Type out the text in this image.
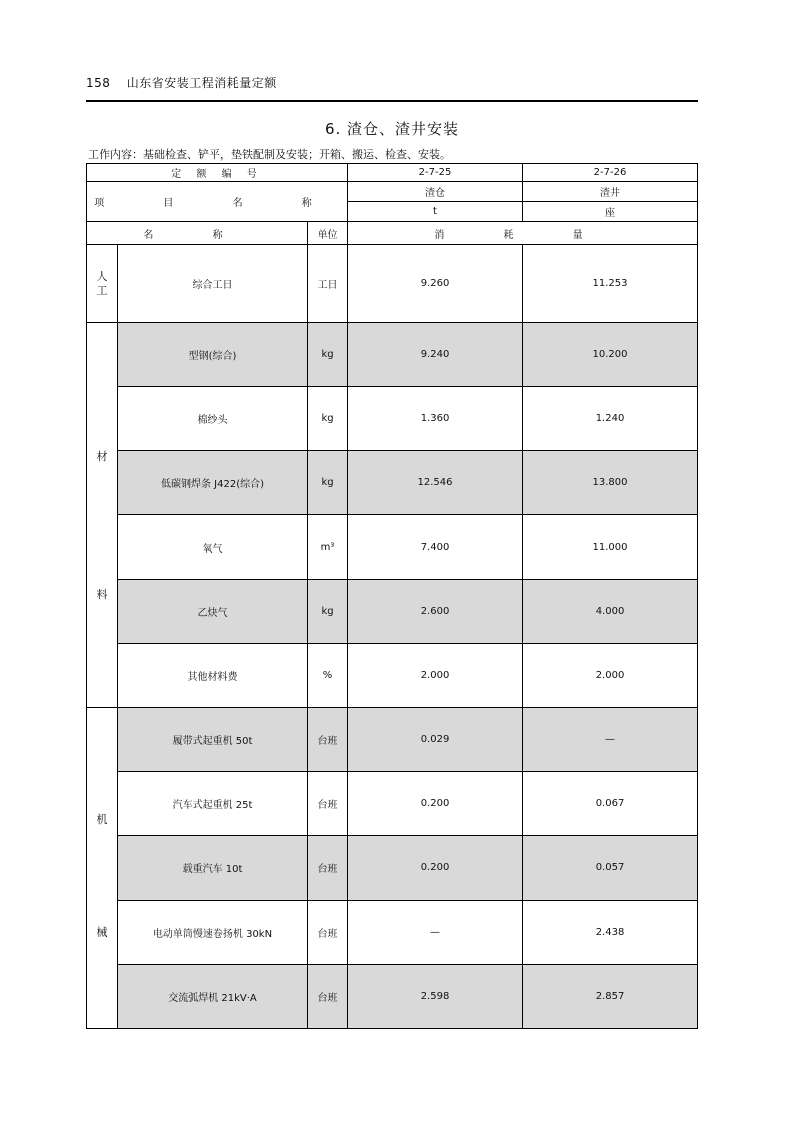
158 山东省安装工程消耗量定额
6. 渣仓、渣井安装
工作内容：基础检查、铲平，垫铁配制及安装；开箱、搬运、检查、安装。
定 额 编 号			2-7-25	2-7-26
项 目 名 称			渣仓	渣井
			t	座
名 称		单位	消 耗 量	

人
工	综合工日	工日	9.260	11.253

材
料	型钢(综合)	kg	9.240	10.200
	棉纱头	kg	1.360	1.240
	低碳钢焊条 J422(综合)	kg	12.546	13.800
	氧气	m³	7.400	11.000
	乙炔气	kg	2.600	4.000
	其他材料费	%	2.000	2.000

机
械	履带式起重机 50t	台班	0.029	—
	汽车式起重机 25t	台班	0.200	0.067
	载重汽车 10t	台班	0.200	0.057
	电动单筒慢速卷扬机 30kN	台班	—	2.438
	交流弧焊机 21kV·A	台班	2.598	2.857
